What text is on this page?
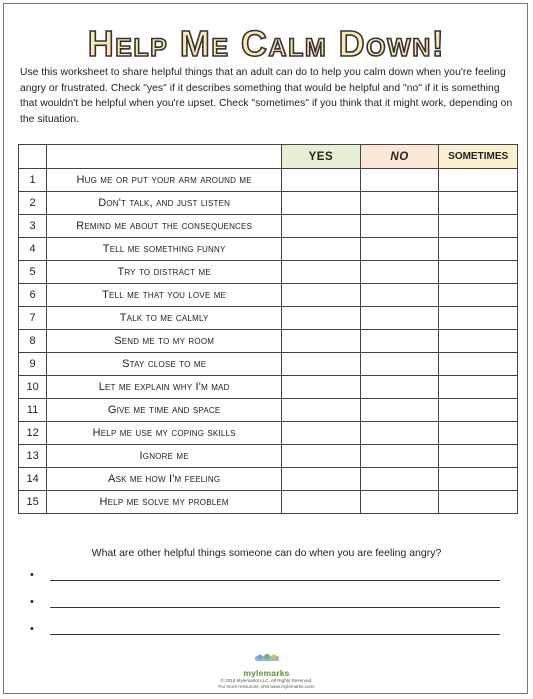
Help Me Calm Down!
Use this worksheet to share helpful things that an adult can do to help you calm down when you're feeling angry or frustrated. Check "yes" if it describes something that would be helpful and "no" if it is something that wouldn't be helpful when you're upset. Check "sometimes" if you think that it might work, depending on the situation.
		YES	NO	SOMETIMES
1	Hug me or put your arm around me			
2	Don't talk, and just listen			
3	Remind me about the consequences			
4	Tell me something funny			
5	Try to distract me			
6	Tell me that you love me			
7	Talk to me calmly			
8	Send me to my room			
9	Stay close to me			
10	Let me explain why I'm mad			
11	Give me time and space			
12	Help me use my coping skills			
13	Ignore me			
14	Ask me how I'm feeling			
15	Help me solve my problem			
What are other helpful things someone can do when you are feeling angry?
•
•
•
mylemarks
© 2018 Mylemarks LLC. All Rights Reserved.
For more resources, visit www.mylemarks.com!
